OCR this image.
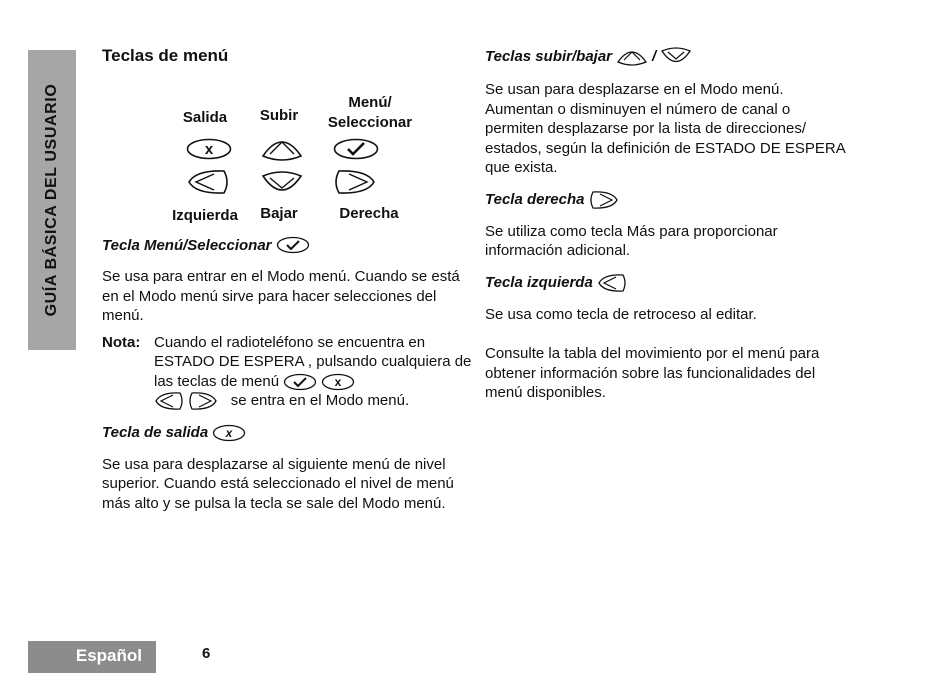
GUÍA BÁSICA DEL USUARIO
Español	6
Teclas de menú
Salida	Subir
Menú/
Seleccionar
x
Izquierda	Bajar	Derecha
Tecla Menú/Seleccionar

Se usa para entrar en el Modo menú. Cuando se está en el Modo menú sirve para hacer selecciones del menú.

Nota: Cuando el radioteléfono se encuentra en ESTADO DE ESPERA , pulsando cualquiera de las teclas de menú
	x

se entra en el Modo menú.
Tecla de salida x

Se usa para desplazarse al siguiente menú de nivel superior. Cuando está seleccionado el nivel de menú más alto y se pulsa la tecla se sale del Modo menú.

Teclas subir/bajar	/

Se usan para desplazarse en el Modo menú. Aumentan o disminuyen el número de canal o permiten desplazarse por la lista de direcciones/ estados, según la definición de ESTADO DE ESPERA que exista.

Tecla derecha

Se utiliza como tecla Más para proporcionar información adicional.

Tecla izquierda

Se usa como tecla de retroceso al editar.

Consulte la tabla del movimiento por el menú para obtener información sobre las funcionalidades del menú disponibles.
